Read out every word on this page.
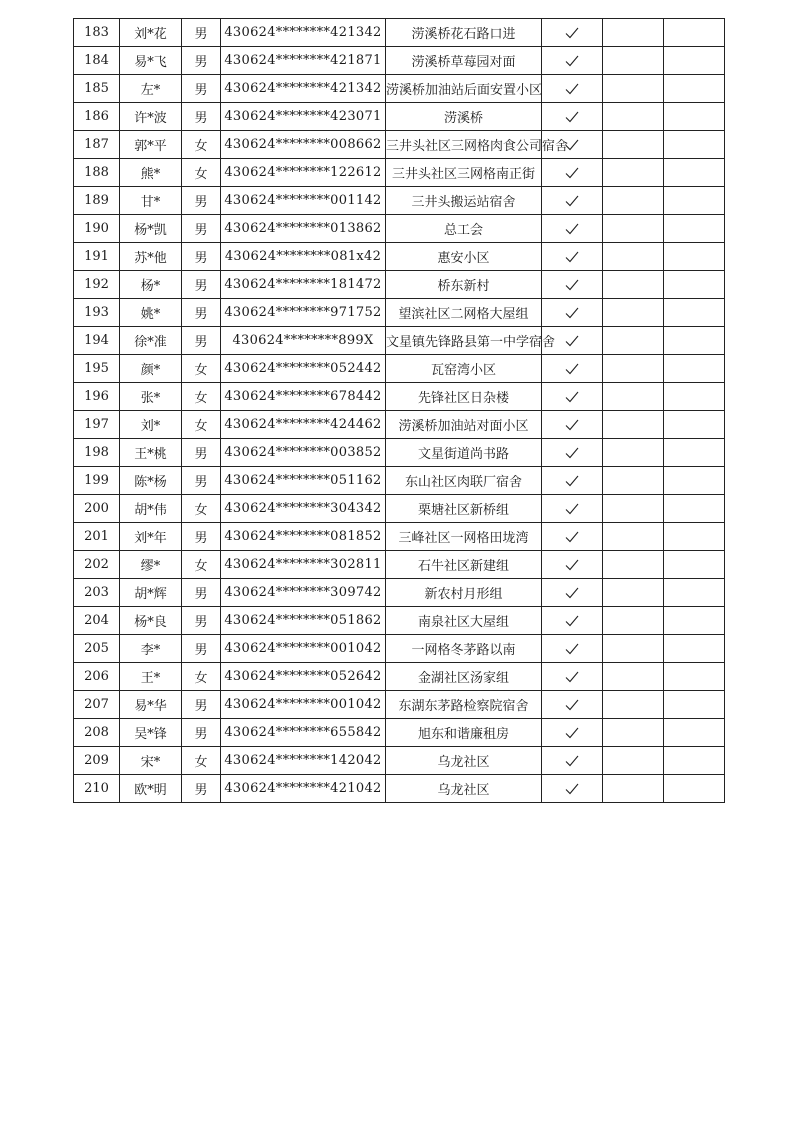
183	刘*花	男	430624********421342	涝溪桥花石路口进	

184	易*飞	男	430624********421871	涝溪桥草莓园对面	

185	左*	男	430624********421342	涝溪桥加油站后面安置小区	

186	许*波	男	430624********423071	涝溪桥	

187	郭*平	女	430624********008662	三井头社区三网格肉食公司宿舍	

188	熊*	女	430624********122612	三井头社区三网格南正街	

189	甘*	男	430624********001142	三井头搬运站宿舍	

190	杨*凯	男	430624********013862	总工会	

191	苏*他	男	430624********081x42	惠安小区	

192	杨*	男	430624********181472	桥东新村	

193	姚*	男	430624********971752	望滨社区二网格大屋组	

194	徐*准	男	430624********899X	文星镇先锋路县第一中学宿舍	

195	颜*	女	430624********052442	瓦窑湾小区	

196	张*	女	430624********678442	先锋社区日杂楼	

197	刘*	女	430624********424462	涝溪桥加油站对面小区	

198	王*桃	男	430624********003852	文星街道尚书路	

199	陈*杨	男	430624********051162	东山社区肉联厂宿舍	

200	胡*伟	女	430624********304342	栗塘社区新桥组	

201	刘*年	男	430624********081852	三峰社区一网格田垅湾	

202	缪*	女	430624********302811	石牛社区新建组	

203	胡*辉	男	430624********309742	新农村月形组	

204	杨*良	男	430624********051862	南泉社区大屋组	

205	李*	男	430624********001042	一网格冬茅路以南	

206	王*	女	430624********052642	金湖社区汤家组	

207	易*华	男	430624********001042	东湖东茅路检察院宿舍	

208	吴*锋	男	430624********655842	旭东和谐廉租房	

209	宋*	女	430624********142042	乌龙社区	

210	欧*明	男	430624********421042	乌龙社区	
